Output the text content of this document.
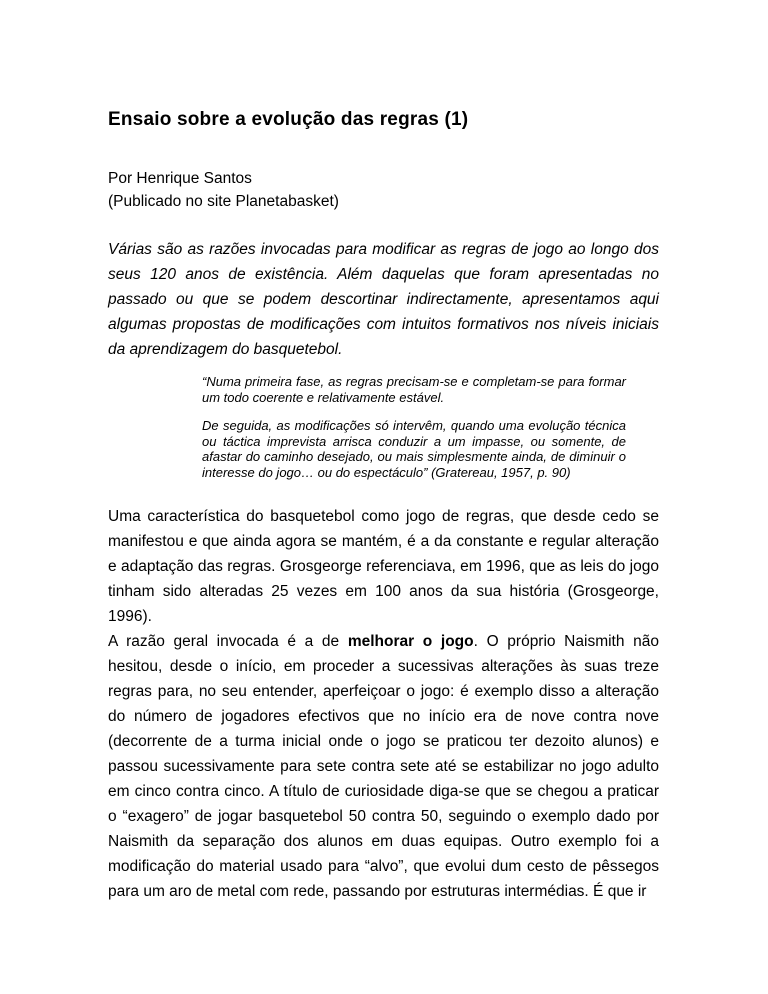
Ensaio sobre a evolução das regras (1)
Por Henrique Santos
(Publicado no site Planetabasket)
Várias são as razões invocadas para modificar as regras de jogo ao longo dos seus 120 anos de existência. Além daquelas que foram apresentadas no passado ou que se podem descortinar indirectamente, apresentamos aqui algumas propostas de modificações com intuitos formativos nos níveis iniciais da aprendizagem do basquetebol.

“Numa primeira fase, as regras precisam-se e completam-se para formar um todo coerente e relativamente estável.

De seguida, as modificações só intervêm, quando uma evolução técnica ou táctica imprevista arrisca conduzir a um impasse, ou somente, de afastar do caminho desejado, ou mais simplesmente ainda, de diminuir o interesse do jogo… ou do espectáculo” (Gratereau, 1957, p. 90)

Uma característica do basquetebol como jogo de regras, que desde cedo se manifestou e que ainda agora se mantém, é a da constante e regular alteração e adaptação das regras. Grosgeorge referenciava, em 1996, que as leis do jogo tinham sido alteradas 25 vezes em 100 anos da sua história (Grosgeorge, 1996).

A razão geral invocada é a de melhorar o jogo. O próprio Naismith não hesitou, desde o início, em proceder a sucessivas alterações às suas treze regras para, no seu entender, aperfeiçoar o jogo: é exemplo disso a alteração do número de jogadores efectivos que no início era de nove contra nove (decorrente de a turma inicial onde o jogo se praticou ter dezoito alunos) e passou sucessivamente para sete contra sete até se estabilizar no jogo adulto em cinco contra cinco. A título de curiosidade diga-se que se chegou a praticar o “exagero” de jogar basquetebol 50 contra 50, seguindo o exemplo dado por Naismith da separação dos alunos em duas equipas. Outro exemplo foi a modificação do material usado para “alvo”, que evolui dum cesto de pêssegos para um aro de metal com rede, passando por estruturas intermédias. É que ir
